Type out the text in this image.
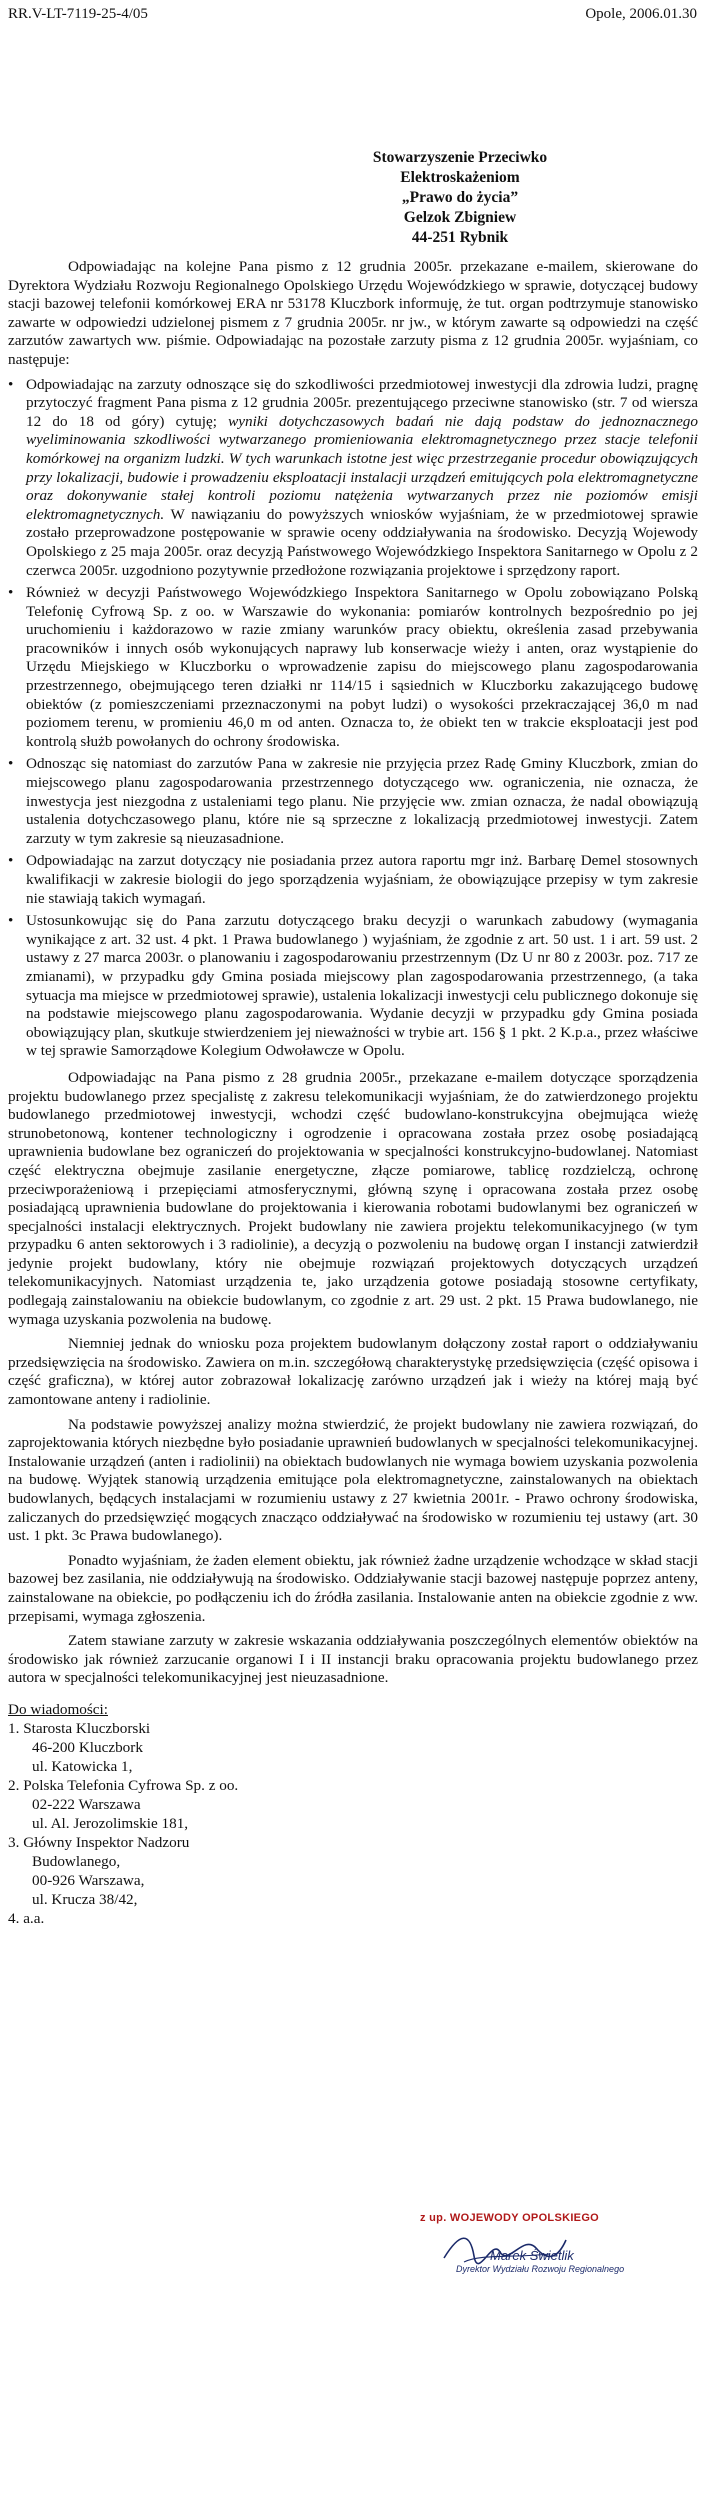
RR.V-LT-7119-25-4/05	Opole, 2006.01.30
Stowarzyszenie Przeciwko
Elektroskażeniom
„Prawo do życia”
Gelzok Zbigniew
44-251 Rybnik

Odpowiadając na kolejne Pana pismo z 12 grudnia 2005r. przekazane e-mailem, skierowane do Dyrektora Wydziału Rozwoju Regionalnego Opolskiego Urzędu Wojewódzkiego w sprawie, dotyczącej budowy stacji bazowej telefonii komórkowej ERA nr 53178 Kluczbork informuję, że tut. organ podtrzymuje stanowisko zawarte w odpowiedzi udzielonej pismem z 7 grudnia 2005r. nr jw., w którym zawarte są odpowiedzi na część zarzutów zawartych ww. piśmie. Odpowiadając na pozostałe zarzuty pisma z 12 grudnia 2005r. wyjaśniam, co następuje:

• Odpowiadając na zarzuty odnoszące się do szkodliwości przedmiotowej inwestycji dla zdrowia ludzi, pragnę przytoczyć fragment Pana pisma z 12 grudnia 2005r. prezentującego przeciwne stanowisko (str. 7 od wiersza 12 do 18 od góry) cytuję; wyniki dotychczasowych badań nie dają podstaw do jednoznacznego wyeliminowania szkodliwości wytwarzanego promieniowania elektromagnetycznego przez stacje telefonii komórkowej na organizm ludzki. W tych warunkach istotne jest więc przestrzeganie procedur obowiązujących przy lokalizacji, budowie i prowadzeniu eksploatacji instalacji urządzeń emitujących pola elektromagnetyczne oraz dokonywanie stałej kontroli poziomu natężenia wytwarzanych przez nie poziomów emisji elektromagnetycznych. W nawiązaniu do powyższych wniosków wyjaśniam, że w przedmiotowej sprawie zostało przeprowadzone postępowanie w sprawie oceny oddziaływania na środowisko. Decyzją Wojewody Opolskiego z 25 maja 2005r. oraz decyzją Państwowego Wojewódzkiego Inspektora Sanitarnego w Opolu z 2 czerwca 2005r. uzgodniono pozytywnie przedłożone rozwiązania projektowe i sprzędzony raport.
• Również w decyzji Państwowego Wojewódzkiego Inspektora Sanitarnego w Opolu zobowiązano Polską Telefonię Cyfrową Sp. z oo. w Warszawie do wykonania: pomiarów kontrolnych bezpośrednio po jej uruchomieniu i każdorazowo w razie zmiany warunków pracy obiektu, określenia zasad przebywania pracowników i innych osób wykonujących naprawy lub konserwacje wieży i anten, oraz wystąpienie do Urzędu Miejskiego w Kluczborku o wprowadzenie zapisu do miejscowego planu zagospodarowania przestrzennego, obejmującego teren działki nr 114/15 i sąsiednich w Kluczborku zakazującego budowę obiektów (z pomieszczeniami przeznaczonymi na pobyt ludzi) o wysokości przekraczającej 36,0 m nad poziomem terenu, w promieniu 46,0 m od anten. Oznacza to, że obiekt ten w trakcie eksploatacji jest pod kontrolą służb powołanych do ochrony środowiska.
• Odnosząc się natomiast do zarzutów Pana w zakresie nie przyjęcia przez Radę Gminy Kluczbork, zmian do miejscowego planu zagospodarowania przestrzennego dotyczącego ww. ograniczenia, nie oznacza, że inwestycja jest niezgodna z ustaleniami tego planu. Nie przyjęcie ww. zmian oznacza, że nadal obowiązują ustalenia dotychczasowego planu, które nie są sprzeczne z lokalizacją przedmiotowej inwestycji. Zatem zarzuty w tym zakresie są nieuzasadnione.
• Odpowiadając na zarzut dotyczący nie posiadania przez autora raportu mgr inż. Barbarę Demel stosownych kwalifikacji w zakresie biologii do jego sporządzenia wyjaśniam, że obowiązujące przepisy w tym zakresie nie stawiają takich wymagań.
• Ustosunkowując się do Pana zarzutu dotyczącego braku decyzji o warunkach zabudowy (wymagania wynikające z art. 32 ust. 4 pkt. 1 Prawa budowlanego ) wyjaśniam, że zgodnie z art. 50 ust. 1 i art. 59 ust. 2 ustawy z 27 marca 2003r. o planowaniu i zagospodarowaniu przestrzennym (Dz U nr 80 z 2003r. poz. 717 ze zmianami), w przypadku gdy Gmina posiada miejscowy plan zagospodarowania przestrzennego, (a taka sytuacja ma miejsce w przedmiotowej sprawie), ustalenia lokalizacji inwestycji celu publicznego dokonuje się na podstawie miejscowego planu zagospodarowania. Wydanie decyzji w przypadku gdy Gmina posiada obowiązujący plan, skutkuje stwierdzeniem jej nieważności w trybie art. 156 § 1 pkt. 2 K.p.a., przez właściwe w tej sprawie Samorządowe Kolegium Odwoławcze w Opolu.

Odpowiadając na Pana pismo z 28 grudnia 2005r., przekazane e-mailem dotyczące sporządzenia projektu budowlanego przez specjalistę z zakresu telekomunikacji wyjaśniam, że do zatwierdzonego projektu budowlanego przedmiotowej inwestycji, wchodzi część budowlano-konstrukcyjna obejmująca wieżę strunobetonową, kontener technologiczny i ogrodzenie i opracowana została przez osobę posiadającą uprawnienia budowlane bez ograniczeń do projektowania w specjalności konstrukcyjno-budowlanej. Natomiast część elektryczna obejmuje zasilanie energetyczne, złącze pomiarowe, tablicę rozdzielczą, ochronę przeciwporażeniową i przepięciami atmosferycznymi, główną szynę i opracowana została przez osobę posiadającą uprawnienia budowlane do projektowania i kierowania robotami budowlanymi bez ograniczeń w specjalności instalacji elektrycznych. Projekt budowlany nie zawiera projektu telekomunikacyjnego (w tym przypadku 6 anten sektorowych i 3 radiolinie), a decyzją o pozwoleniu na budowę organ I instancji zatwierdził jedynie projekt budowlany, który nie obejmuje rozwiązań projektowych dotyczących urządzeń telekomunikacyjnych. Natomiast urządzenia te, jako urządzenia gotowe posiadają stosowne certyfikaty, podlegają zainstalowaniu na obiekcie budowlanym, co zgodnie z art. 29 ust. 2 pkt. 15 Prawa budowlanego, nie wymaga uzyskania pozwolenia na budowę.

Niemniej jednak do wniosku poza projektem budowlanym dołączony został raport o oddziaływaniu przedsięwzięcia na środowisko. Zawiera on m.in. szczegółową charakterystykę przedsięwzięcia (część opisowa i część graficzna), w której autor zobrazował lokalizację zarówno urządzeń jak i wieży na której mają być zamontowane anteny i radiolinie.

Na podstawie powyższej analizy można stwierdzić, że projekt budowlany nie zawiera rozwiązań, do zaprojektowania których niezbędne było posiadanie uprawnień budowlanych w specjalności telekomunikacyjnej. Instalowanie urządzeń (anten i radiolinii) na obiektach budowlanych nie wymaga bowiem uzyskania pozwolenia na budowę. Wyjątek stanowią urządzenia emitujące pola elektromagnetyczne, zainstalowanych na obiektach budowlanych, będących instalacjami w rozumieniu ustawy z 27 kwietnia 2001r. - Prawo ochrony środowiska, zaliczanych do przedsięwzięć mogących znacząco oddziaływać na środowisko w rozumieniu tej ustawy (art. 30 ust. 1 pkt. 3c Prawa budowlanego).

Ponadto wyjaśniam, że żaden element obiektu, jak również żadne urządzenie wchodzące w skład stacji bazowej bez zasilania, nie oddziaływują na środowisko. Oddziaływanie stacji bazowej następuje poprzez anteny, zainstalowane na obiekcie, po podłączeniu ich do źródła zasilania. Instalowanie anten na obiekcie zgodnie z ww. przepisami, wymaga zgłoszenia.

Zatem stawiane zarzuty w zakresie wskazania oddziaływania poszczególnych elementów obiektów na środowisko jak również zarzucanie organowi I i II instancji braku opracowania projektu budowlanego przez autora w specjalności telekomunikacyjnej jest nieuzasadnione.

Do wiadomości:
1. Starosta Kluczborski
46-200 Kluczbork
ul. Katowicka 1,
2. Polska Telefonia Cyfrowa Sp. z oo.
02-222 Warszawa
ul. Al. Jerozolimskie 181,
3. Główny Inspektor Nadzoru
Budowlanego,
00-926 Warszawa,
ul. Krucza 38/42,
4. a.a.
z up. WOJEWODY OPOLSKIEGO
Marek Świetlik
Dyrektor Wydziału Rozwoju Regionalnego
